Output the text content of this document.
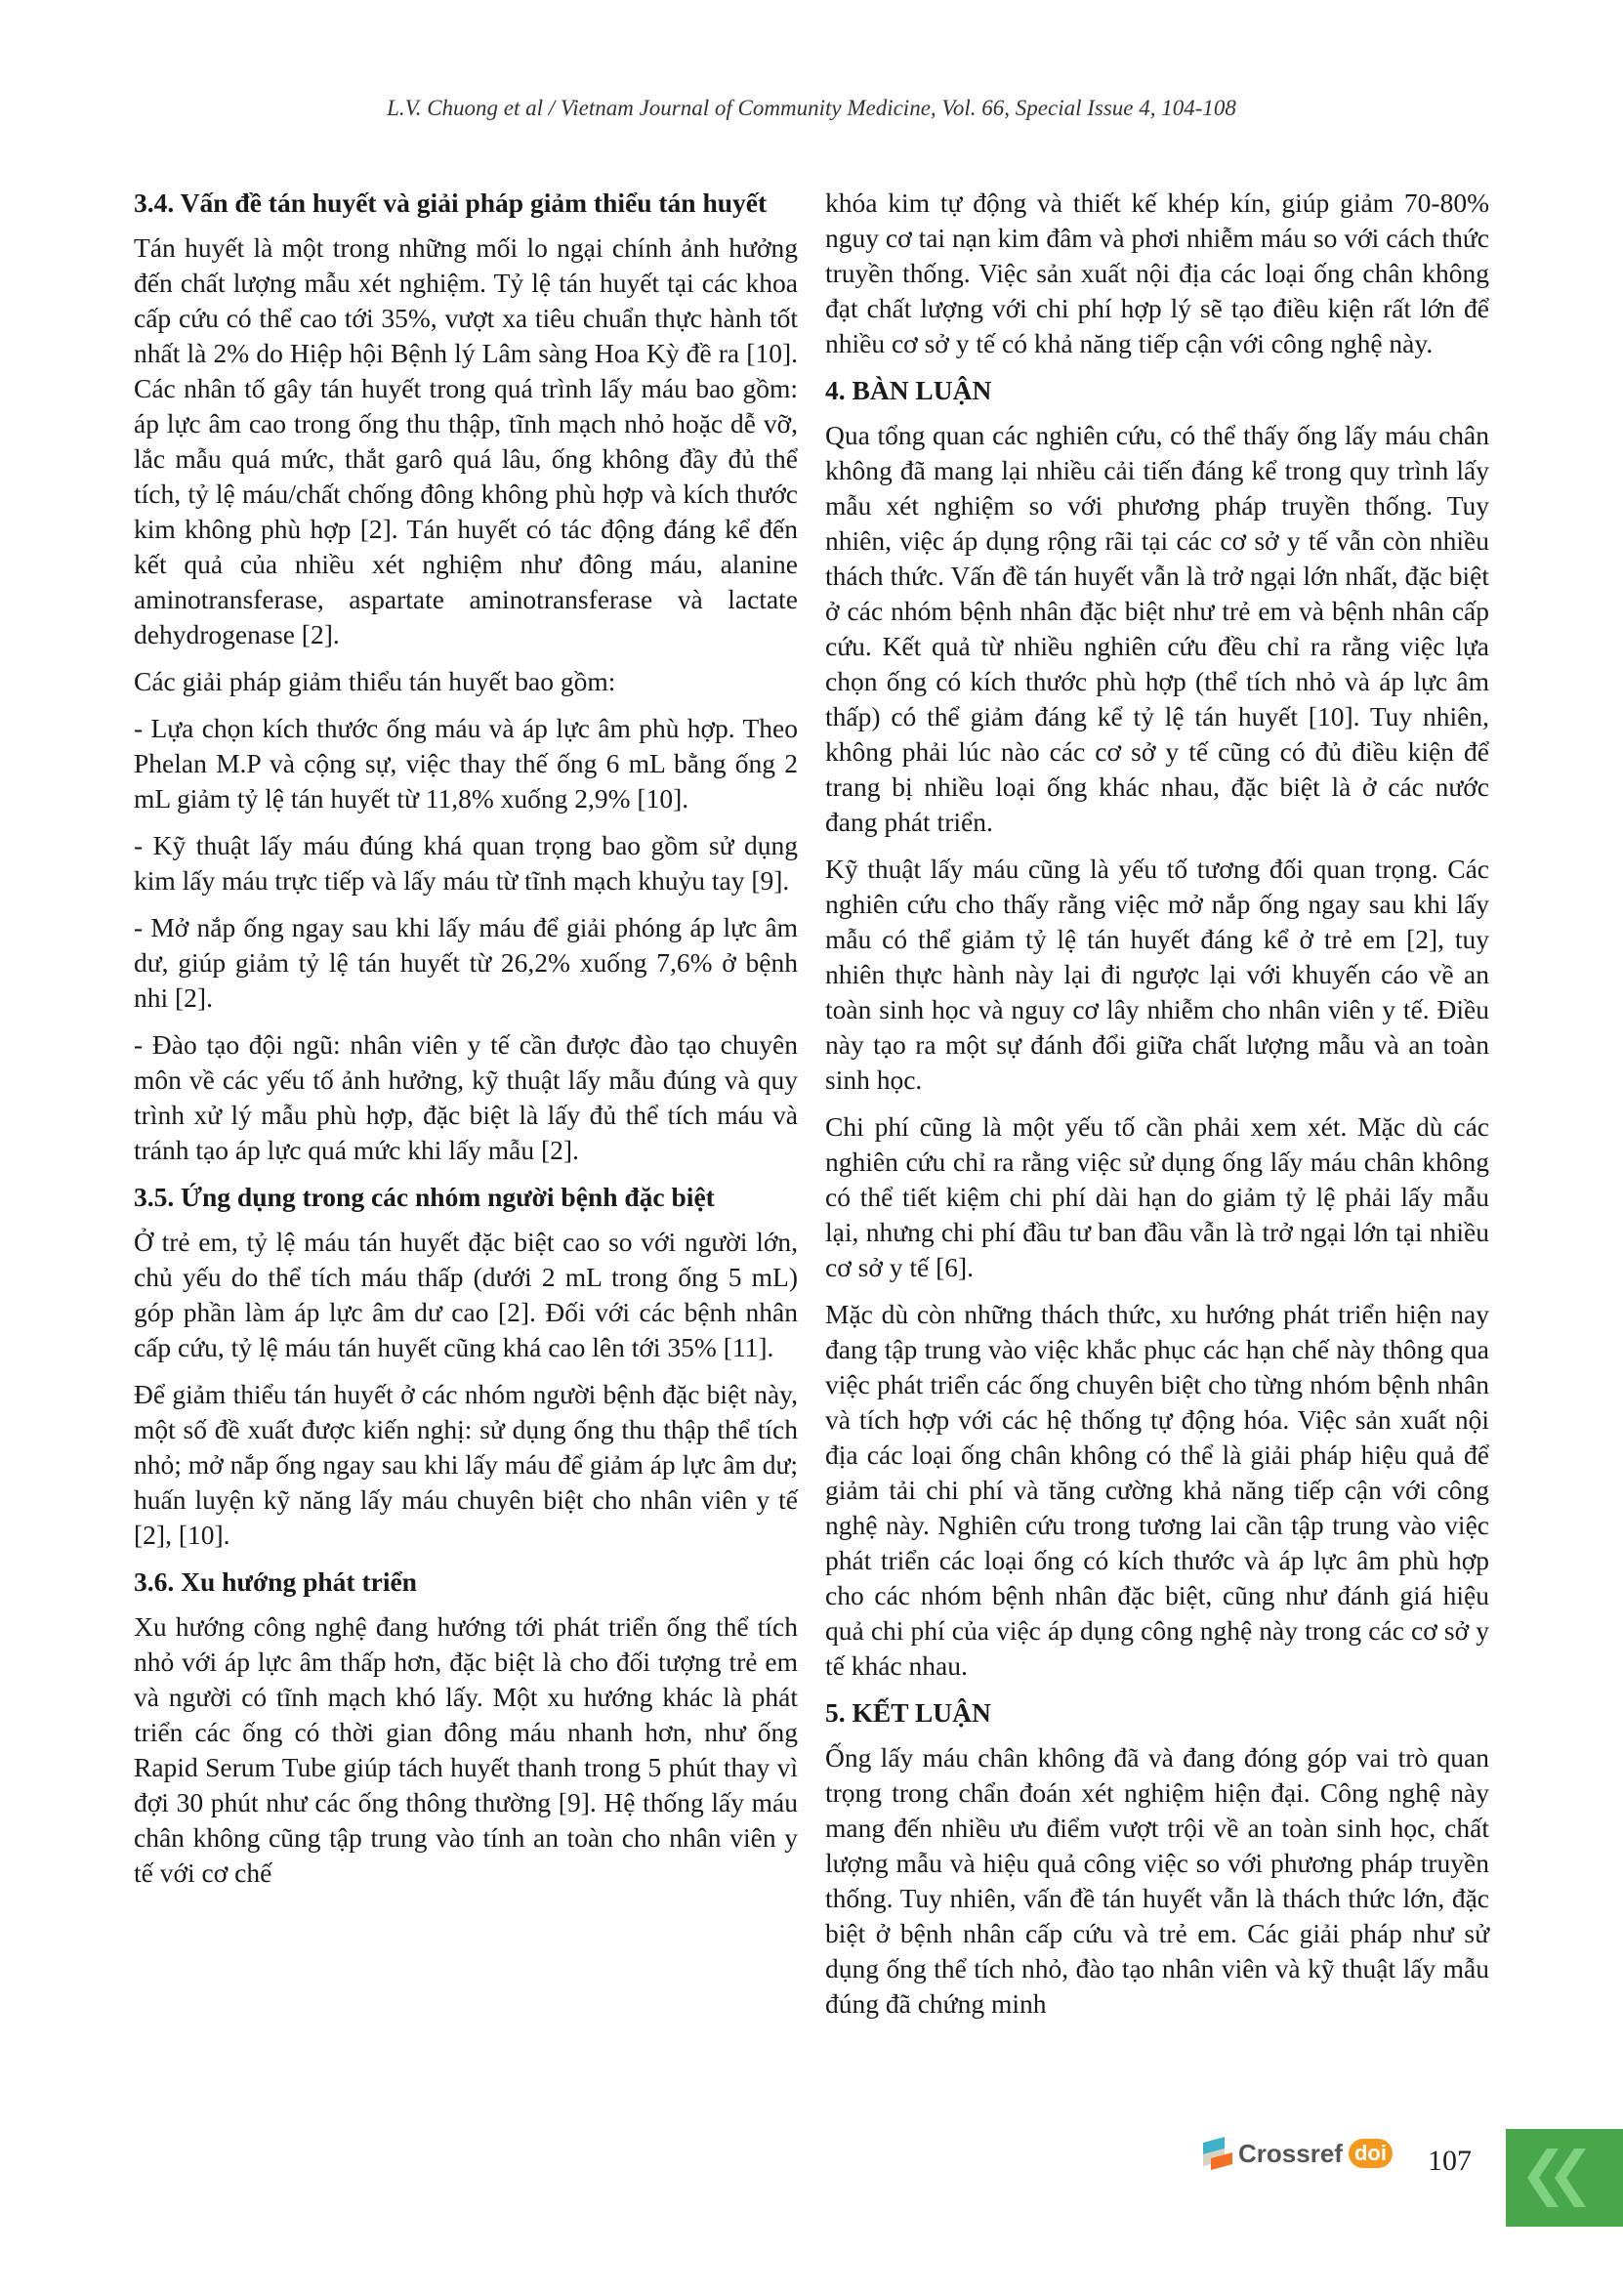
L.V. Chuong et al / Vietnam Journal of Community Medicine, Vol. 66, Special Issue 4, 104-108
3.4. Vấn đề tán huyết và giải pháp giảm thiểu tán huyết

Tán huyết là một trong những mối lo ngại chính ảnh hưởng đến chất lượng mẫu xét nghiệm. Tỷ lệ tán huyết tại các khoa cấp cứu có thể cao tới 35%, vượt xa tiêu chuẩn thực hành tốt nhất là 2% do Hiệp hội Bệnh lý Lâm sàng Hoa Kỳ đề ra [10]. Các nhân tố gây tán huyết trong quá trình lấy máu bao gồm: áp lực âm cao trong ống thu thập, tĩnh mạch nhỏ hoặc dễ vỡ, lắc mẫu quá mức, thắt garô quá lâu, ống không đầy đủ thể tích, tỷ lệ máu/chất chống đông không phù hợp và kích thước kim không phù hợp [2]. Tán huyết có tác động đáng kể đến kết quả của nhiều xét nghiệm như đông máu, alanine aminotransferase, aspartate aminotransferase và lactate dehydrogenase [2].

Các giải pháp giảm thiểu tán huyết bao gồm:

- Lựa chọn kích thước ống máu và áp lực âm phù hợp. Theo Phelan M.P và cộng sự, việc thay thế ống 6 mL bằng ống 2 mL giảm tỷ lệ tán huyết từ 11,8% xuống 2,9% [10].

- Kỹ thuật lấy máu đúng khá quan trọng bao gồm sử dụng kim lấy máu trực tiếp và lấy máu từ tĩnh mạch khuỷu tay [9].

- Mở nắp ống ngay sau khi lấy máu để giải phóng áp lực âm dư, giúp giảm tỷ lệ tán huyết từ 26,2% xuống 7,6% ở bệnh nhi [2].

- Đào tạo đội ngũ: nhân viên y tế cần được đào tạo chuyên môn về các yếu tố ảnh hưởng, kỹ thuật lấy mẫu đúng và quy trình xử lý mẫu phù hợp, đặc biệt là lấy đủ thể tích máu và tránh tạo áp lực quá mức khi lấy mẫu [2].

3.5. Ứng dụng trong các nhóm người bệnh đặc biệt

Ở trẻ em, tỷ lệ máu tán huyết đặc biệt cao so với người lớn, chủ yếu do thể tích máu thấp (dưới 2 mL trong ống 5 mL) góp phần làm áp lực âm dư cao [2]. Đối với các bệnh nhân cấp cứu, tỷ lệ máu tán huyết cũng khá cao lên tới 35% [11].

Để giảm thiểu tán huyết ở các nhóm người bệnh đặc biệt này, một số đề xuất được kiến nghị: sử dụng ống thu thập thể tích nhỏ; mở nắp ống ngay sau khi lấy máu để giảm áp lực âm dư; huấn luyện kỹ năng lấy máu chuyên biệt cho nhân viên y tế [2], [10].

3.6. Xu hướng phát triển

Xu hướng công nghệ đang hướng tới phát triển ống thể tích nhỏ với áp lực âm thấp hơn, đặc biệt là cho đối tượng trẻ em và người có tĩnh mạch khó lấy. Một xu hướng khác là phát triển các ống có thời gian đông máu nhanh hơn, như ống Rapid Serum Tube giúp tách huyết thanh trong 5 phút thay vì đợi 30 phút như các ống thông thường [9]. Hệ thống lấy máu chân không cũng tập trung vào tính an toàn cho nhân viên y tế với cơ chế

khóa kim tự động và thiết kế khép kín, giúp giảm 70-80% nguy cơ tai nạn kim đâm và phơi nhiễm máu so với cách thức truyền thống. Việc sản xuất nội địa các loại ống chân không đạt chất lượng với chi phí hợp lý sẽ tạo điều kiện rất lớn để nhiều cơ sở y tế có khả năng tiếp cận với công nghệ này.

4. BÀN LUẬN

Qua tổng quan các nghiên cứu, có thể thấy ống lấy máu chân không đã mang lại nhiều cải tiến đáng kể trong quy trình lấy mẫu xét nghiệm so với phương pháp truyền thống. Tuy nhiên, việc áp dụng rộng rãi tại các cơ sở y tế vẫn còn nhiều thách thức. Vấn đề tán huyết vẫn là trở ngại lớn nhất, đặc biệt ở các nhóm bệnh nhân đặc biệt như trẻ em và bệnh nhân cấp cứu. Kết quả từ nhiều nghiên cứu đều chỉ ra rằng việc lựa chọn ống có kích thước phù hợp (thể tích nhỏ và áp lực âm thấp) có thể giảm đáng kể tỷ lệ tán huyết [10]. Tuy nhiên, không phải lúc nào các cơ sở y tế cũng có đủ điều kiện để trang bị nhiều loại ống khác nhau, đặc biệt là ở các nước đang phát triển.

Kỹ thuật lấy máu cũng là yếu tố tương đối quan trọng. Các nghiên cứu cho thấy rằng việc mở nắp ống ngay sau khi lấy mẫu có thể giảm tỷ lệ tán huyết đáng kể ở trẻ em [2], tuy nhiên thực hành này lại đi ngược lại với khuyến cáo về an toàn sinh học và nguy cơ lây nhiễm cho nhân viên y tế. Điều này tạo ra một sự đánh đổi giữa chất lượng mẫu và an toàn sinh học.

Chi phí cũng là một yếu tố cần phải xem xét. Mặc dù các nghiên cứu chỉ ra rằng việc sử dụng ống lấy máu chân không có thể tiết kiệm chi phí dài hạn do giảm tỷ lệ phải lấy mẫu lại, nhưng chi phí đầu tư ban đầu vẫn là trở ngại lớn tại nhiều cơ sở y tế [6].

Mặc dù còn những thách thức, xu hướng phát triển hiện nay đang tập trung vào việc khắc phục các hạn chế này thông qua việc phát triển các ống chuyên biệt cho từng nhóm bệnh nhân và tích hợp với các hệ thống tự động hóa. Việc sản xuất nội địa các loại ống chân không có thể là giải pháp hiệu quả để giảm tải chi phí và tăng cường khả năng tiếp cận với công nghệ này. Nghiên cứu trong tương lai cần tập trung vào việc phát triển các loại ống có kích thước và áp lực âm phù hợp cho các nhóm bệnh nhân đặc biệt, cũng như đánh giá hiệu quả chi phí của việc áp dụng công nghệ này trong các cơ sở y tế khác nhau.

5. KẾT LUẬN

Ống lấy máu chân không đã và đang đóng góp vai trò quan trọng trong chẩn đoán xét nghiệm hiện đại. Công nghệ này mang đến nhiều ưu điểm vượt trội về an toàn sinh học, chất lượng mẫu và hiệu quả công việc so với phương pháp truyền thống. Tuy nhiên, vấn đề tán huyết vẫn là thách thức lớn, đặc biệt ở bệnh nhân cấp cứu và trẻ em. Các giải pháp như sử dụng ống thể tích nhỏ, đào tạo nhân viên và kỹ thuật lấy mẫu đúng đã chứng minh

Crossref doi 107
